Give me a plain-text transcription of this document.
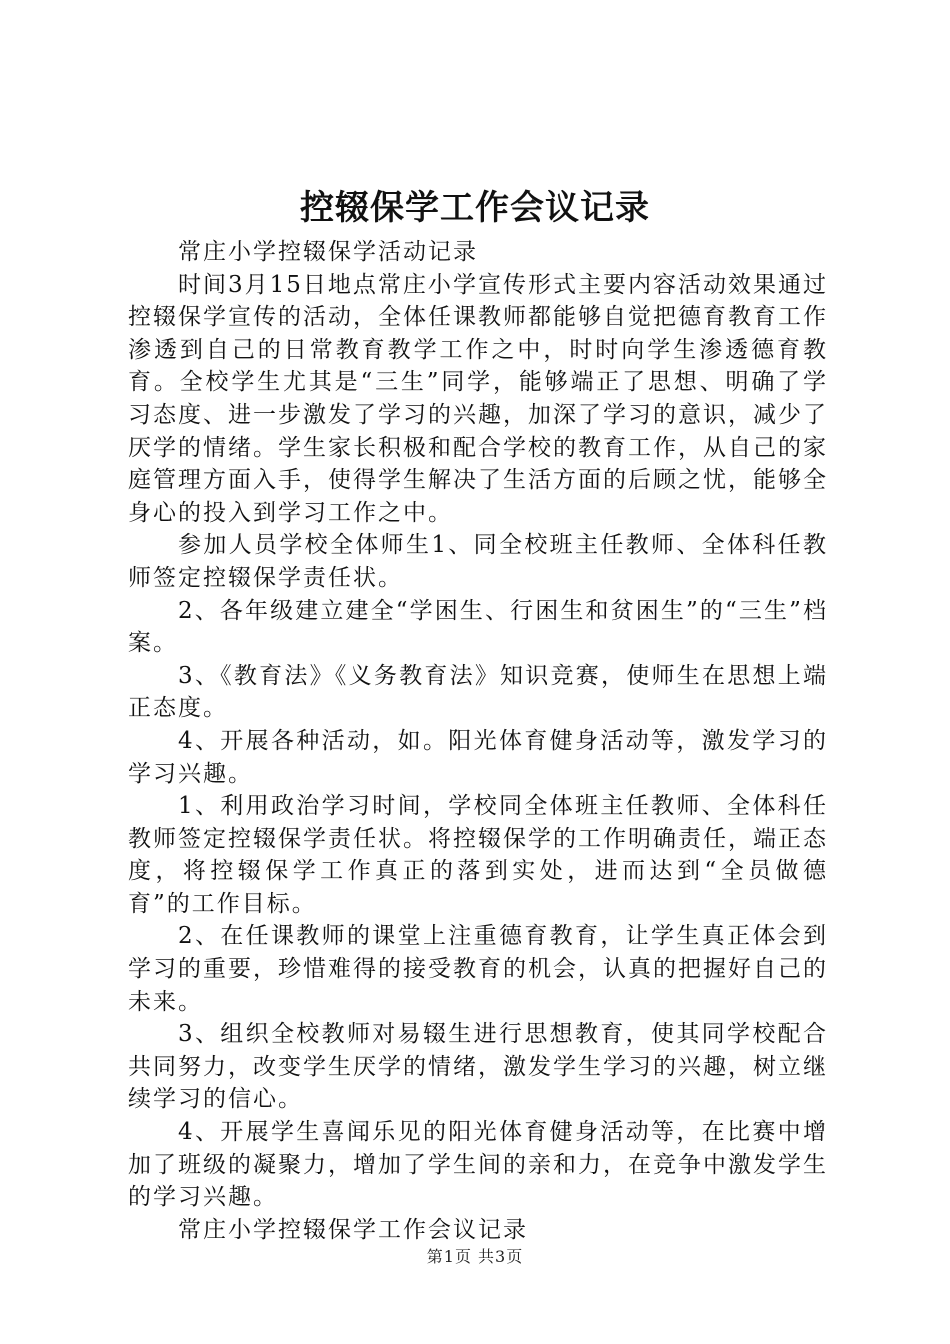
控辍保学工作会议记录

常庄小学控辍保学活动记录

时间3月15日地点常庄小学宣传形式主要内容活动效果通过控辍保学宣传的活动，全体任课教师都能够自觉把德育教育工作渗透到自己的日常教育教学工作之中，时时向学生渗透德育教育。全校学生尤其是“三生”同学，能够端正了思想、明确了学习态度、进一步激发了学习的兴趣，加深了学习的意识，减少了厌学的情绪。学生家长积极和配合学校的教育工作，从自己的家庭管理方面入手，使得学生解决了生活方面的后顾之忧，能够全身心的投入到学习工作之中。

参加人员学校全体师生1、同全校班主任教师、全体科任教师签定控辍保学责任状。

2、各年级建立建全“学困生、行困生和贫困生”的“三生”档案。

3、《教育法》《义务教育法》知识竞赛，使师生在思想上端正态度。

4、开展各种活动，如。阳光体育健身活动等，激发学习的学习兴趣。

1、利用政治学习时间，学校同全体班主任教师、全体科任教师签定控辍保学责任状。将控辍保学的工作明确责任，端正态度，将控辍保学工作真正的落到实处，进而达到“全员做德育”的工作目标。

2、在任课教师的课堂上注重德育教育，让学生真正体会到学习的重要，珍惜难得的接受教育的机会，认真的把握好自己的未来。

3、组织全校教师对易辍生进行思想教育，使其同学校配合共同努力，改变学生厌学的情绪，激发学生学习的兴趣，树立继续学习的信心。

4、开展学生喜闻乐见的阳光体育健身活动等，在比赛中增加了班级的凝聚力，增加了学生间的亲和力，在竞争中激发学生的学习兴趣。

常庄小学控辍保学工作会议记录

第1页 共3页
